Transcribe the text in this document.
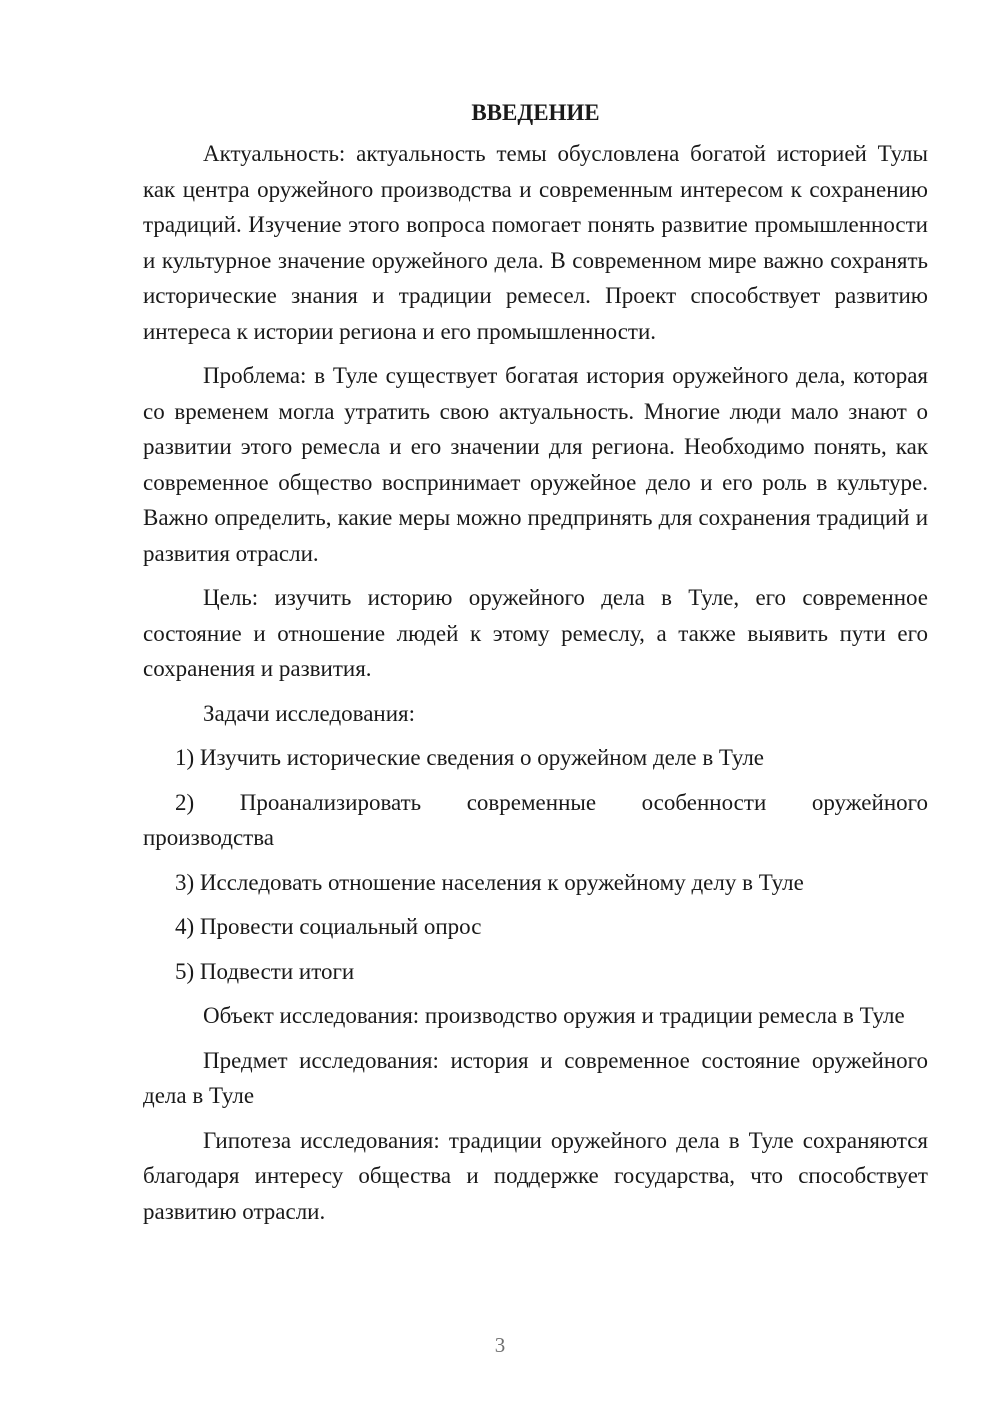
ВВЕДЕНИЕ

Актуальность: актуальность темы обусловлена богатой историей Тулы как центра оружейного производства и современным интересом к сохранению традиций. Изучение этого вопроса помогает понять развитие промышленности и культурное значение оружейного дела. В современном мире важно сохранять исторические знания и традиции ремесел. Проект способствует развитию интереса к истории региона и его промышленности.

Проблема: в Туле существует богатая история оружейного дела, которая со временем могла утратить свою актуальность. Многие люди мало знают о развитии этого ремесла и его значении для региона. Необходимо понять, как современное общество воспринимает оружейное дело и его роль в культуре. Важно определить, какие меры можно предпринять для сохранения традиций и развития отрасли.

Цель: изучить историю оружейного дела в Туле, его современное состояние и отношение людей к этому ремеслу, а также выявить пути его сохранения и развития.

Задачи исследования:

1) Изучить исторические сведения о оружейном деле в Туле

2) Проанализировать современные особенности оружейного
производства

3) Исследовать отношение населения к оружейному делу в Туле

4) Провести социальный опрос

5) Подвести итоги

Объект исследования: производство оружия и традиции ремесла в Туле

Предмет исследования: история и современное состояние оружейного дела в Туле

Гипотеза исследования: традиции оружейного дела в Туле сохраняются благодаря интересу общества и поддержке государства, что способствует развитию отрасли.

3
